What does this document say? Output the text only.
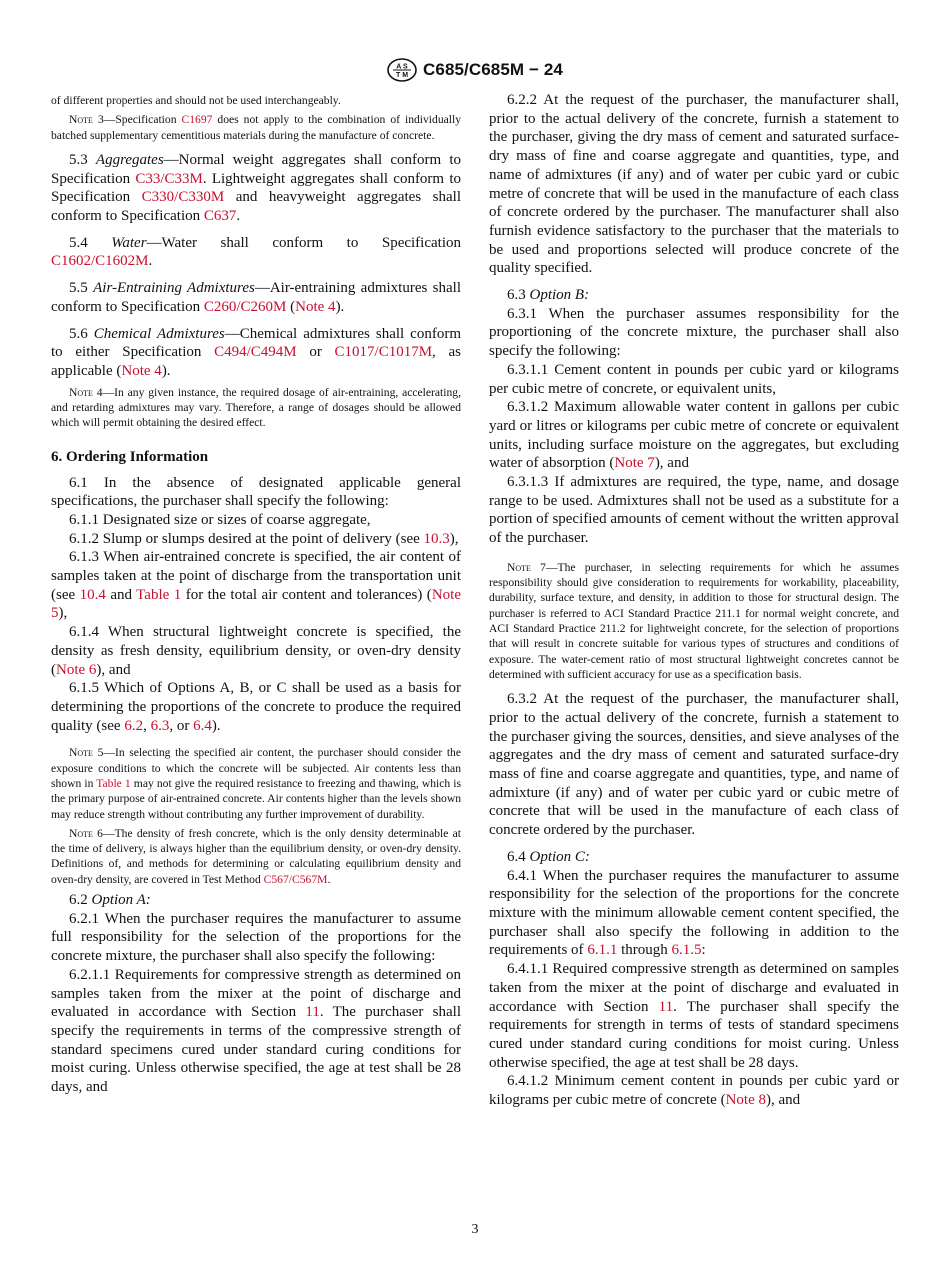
A S
T M C685/C685M − 24

of different properties and should not be used interchangeably.

Note 3—Specification C1697 does not apply to the combination of individually batched supplementary cementitious materials during the manufacture of concrete.

5.3 Aggregates—Normal weight aggregates shall conform to Specification C33/C33M. Lightweight aggregates shall conform to Specification C330/C330M and heavyweight aggregates shall conform to Specification C637.

5.4 Water—Water shall conform to Specification C1602/C1602M.

5.5 Air-Entraining Admixtures—Air-entraining admixtures shall conform to Specification C260/C260M (Note 4).

5.6 Chemical Admixtures—Chemical admixtures shall conform to either Specification C494/C494M or C1017/C1017M, as applicable (Note 4).

Note 4—In any given instance, the required dosage of air-entraining, accelerating, and retarding admixtures may vary. Therefore, a range of dosages should be allowed which will permit obtaining the desired effect.

6. Ordering Information

6.1 In the absence of designated applicable general specifications, the purchaser shall specify the following:

6.1.1 Designated size or sizes of coarse aggregate,

6.1.2 Slump or slumps desired at the point of delivery (see 10.3),

6.1.3 When air-entrained concrete is specified, the air content of samples taken at the point of discharge from the transportation unit (see 10.4 and Table 1 for the total air content and tolerances) (Note 5),

6.1.4 When structural lightweight concrete is specified, the density as fresh density, equilibrium density, or oven-dry density (Note 6), and

6.1.5 Which of Options A, B, or C shall be used as a basis for determining the proportions of the concrete to produce the required quality (see 6.2, 6.3, or 6.4).

Note 5—In selecting the specified air content, the purchaser should consider the exposure conditions to which the concrete will be subjected. Air contents less than shown in Table 1 may not give the required resistance to freezing and thawing, which is the primary purpose of air-entrained concrete. Air contents higher than the levels shown may reduce strength without contributing any further improvement of durability.

Note 6—The density of fresh concrete, which is the only density determinable at the time of delivery, is always higher than the equilibrium density, or oven-dry density. Definitions of, and methods for determining or calculating equilibrium density and oven-dry density, are covered in Test Method C567/C567M.

6.2 Option A:

6.2.1 When the purchaser requires the manufacturer to assume full responsibility for the selection of the proportions for the concrete mixture, the purchaser shall also specify the following:

6.2.1.1 Requirements for compressive strength as determined on samples taken from the mixer at the point of discharge and evaluated in accordance with Section 11. The purchaser shall specify the requirements in terms of the compressive strength of standard specimens cured under standard curing conditions for moist curing. Unless otherwise specified, the age at test shall be 28 days, and

6.2.2 At the request of the purchaser, the manufacturer shall, prior to the actual delivery of the concrete, furnish a statement to the purchaser, giving the dry mass of cement and saturated surface-dry mass of fine and coarse aggregate and quantities, type, and name of admixtures (if any) and of water per cubic yard or cubic metre of concrete that will be used in the manufacture of each class of concrete ordered by the purchaser. The manufacturer shall also furnish evidence satisfactory to the purchaser that the materials to be used and proportions selected will produce concrete of the quality specified.

6.3 Option B:

6.3.1 When the purchaser assumes responsibility for the proportioning of the concrete mixture, the purchaser shall also specify the following:

6.3.1.1 Cement content in pounds per cubic yard or kilograms per cubic metre of concrete, or equivalent units,

6.3.1.2 Maximum allowable water content in gallons per cubic yard or litres or kilograms per cubic metre of concrete or equivalent units, including surface moisture on the aggregates, but excluding water of absorption (Note 7), and

6.3.1.3 If admixtures are required, the type, name, and dosage range to be used. Admixtures shall not be used as a substitute for a portion of specified amounts of cement without the written approval of the purchaser.

Note 7—The purchaser, in selecting requirements for which he assumes responsibility should give consideration to requirements for workability, placeability, durability, surface texture, and density, in addition to those for structural design. The purchaser is referred to ACI Standard Practice 211.1 for normal weight concrete, and ACI Standard Practice 211.2 for lightweight concrete, for the selection of proportions that will result in concrete suitable for various types of structures and conditions of exposure. The water-cement ratio of most structural lightweight concretes cannot be determined with sufficient accuracy for use as a specification basis.

6.3.2 At the request of the purchaser, the manufacturer shall, prior to the actual delivery of the concrete, furnish a statement to the purchaser giving the sources, densities, and sieve analyses of the aggregates and the dry mass of cement and saturated surface-dry mass of fine and coarse aggregate and quantities, type, and name of admixture (if any) and of water per cubic yard or cubic metre of concrete that will be used in the manufacture of each class of concrete ordered by the purchaser.

6.4 Option C:

6.4.1 When the purchaser requires the manufacturer to assume responsibility for the selection of the proportions for the concrete mixture with the minimum allowable cement content specified, the purchaser shall also specify the following in addition to the requirements of 6.1.1 through 6.1.5:

6.4.1.1 Required compressive strength as determined on samples taken from the mixer at the point of discharge and evaluated in accordance with Section 11. The purchaser shall specify the requirements for strength in terms of tests of standard specimens cured under standard curing conditions for moist curing. Unless otherwise specified, the age at test shall be 28 days.

6.4.1.2 Minimum cement content in pounds per cubic yard or kilograms per cubic metre of concrete (Note 8), and

3
